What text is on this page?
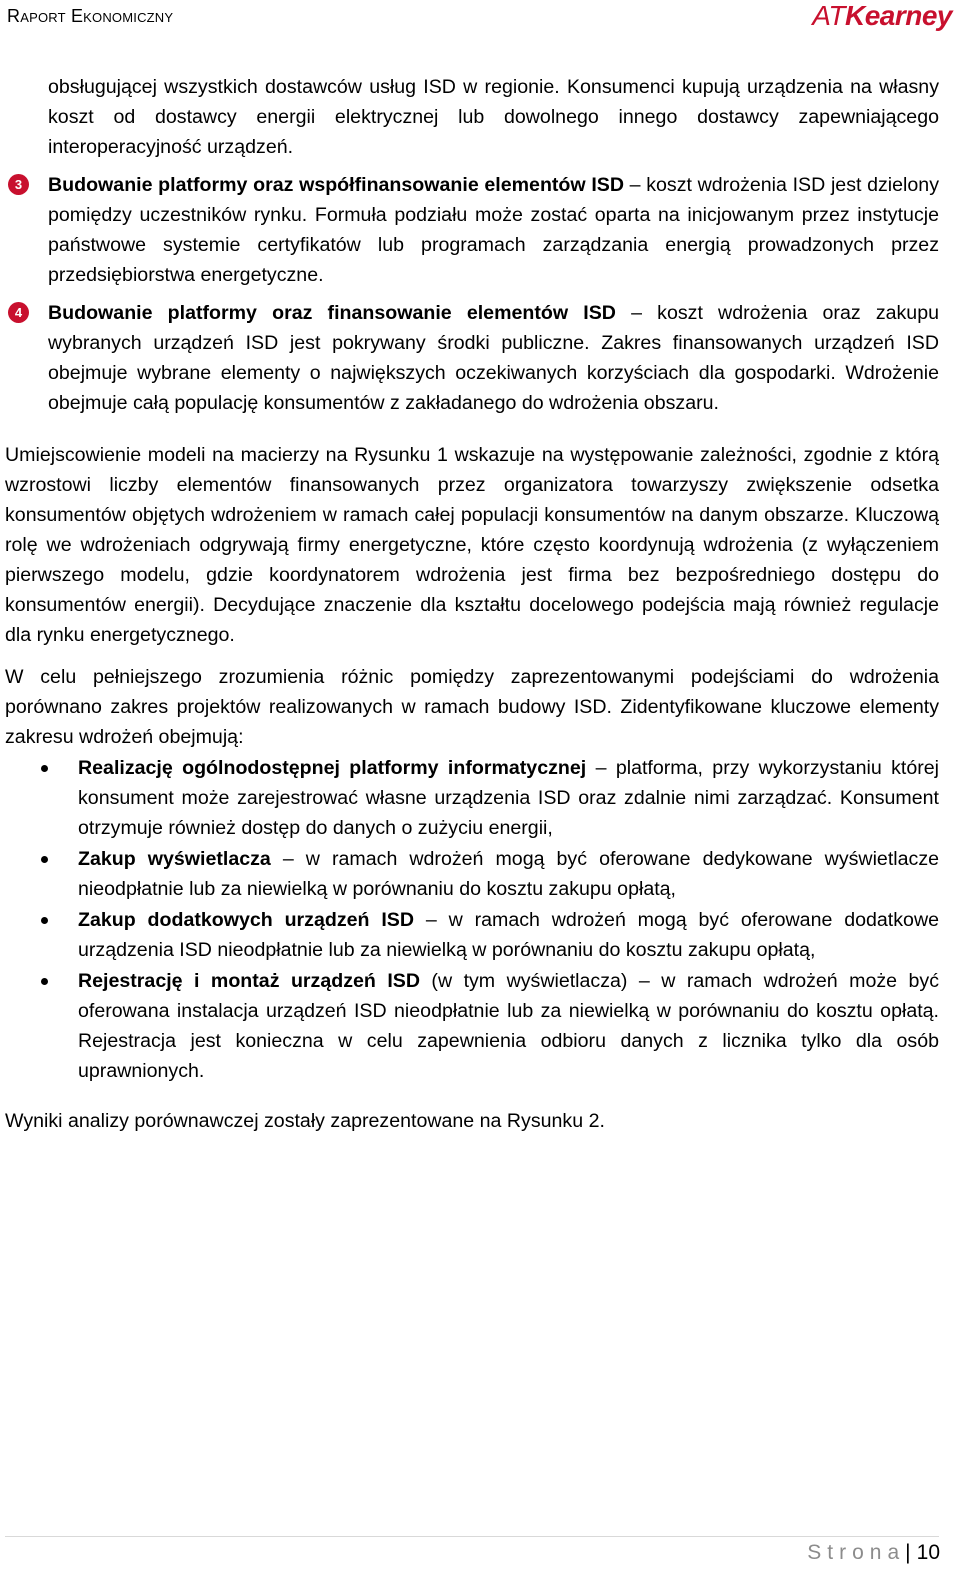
Raport Ekonomiczny	ATKearney
obsługującej wszystkich dostawców usług ISD w regionie. Konsumenci kupują urządzenia na własny koszt od dostawcy energii elektrycznej lub dowolnego innego dostawcy zapewniającego interoperacyjność urządzeń.
3	Budowanie platformy oraz współfinansowanie elementów ISD – koszt wdrożenia ISD jest dzielony pomiędzy uczestników rynku. Formuła podziału może zostać oparta na inicjowanym przez instytucje państwowe systemie certyfikatów lub programach zarządzania energią prowadzonych przez przedsiębiorstwa energetyczne.
4	Budowanie platformy oraz finansowanie elementów ISD – koszt wdrożenia oraz zakupu wybranych urządzeń ISD jest pokrywany środki publiczne. Zakres finansowanych urządzeń ISD obejmuje wybrane elementy o największych oczekiwanych korzyściach dla gospodarki. Wdrożenie obejmuje całą populację konsumentów z zakładanego do wdrożenia obszaru.
Umiejscowienie modeli na macierzy na Rysunku 1 wskazuje na występowanie zależności, zgodnie z którą wzrostowi liczby elementów finansowanych przez organizatora towarzyszy zwiększenie odsetka konsumentów objętych wdrożeniem w ramach całej populacji konsumentów na danym obszarze. Kluczową rolę we wdrożeniach odgrywają firmy energetyczne, które często koordynują wdrożenia (z wyłączeniem pierwszego modelu, gdzie koordynatorem wdrożenia jest firma bez bezpośredniego dostępu do konsumentów energii). Decydujące znaczenie dla kształtu docelowego podejścia mają również regulacje dla rynku energetycznego.
W celu pełniejszego zrozumienia różnic pomiędzy zaprezentowanymi podejściami do wdrożenia porównano zakres projektów realizowanych w ramach budowy ISD. Zidentyfikowane kluczowe elementy zakresu wdrożeń obejmują:
Realizację ogólnodostępnej platformy informatycznej – platforma, przy wykorzystaniu której konsument może zarejestrować własne urządzenia ISD oraz zdalnie nimi zarządzać. Konsument otrzymuje również dostęp do danych o zużyciu energii,
Zakup wyświetlacza – w ramach wdrożeń mogą być oferowane dedykowane wyświetlacze nieodpłatnie lub za niewielką w porównaniu do kosztu zakupu opłatą,
Zakup dodatkowych urządzeń ISD – w ramach wdrożeń mogą być oferowane dodatkowe urządzenia ISD nieodpłatnie lub za niewielką w porównaniu do kosztu zakupu opłatą,
Rejestrację i montaż urządzeń ISD (w tym wyświetlacza) – w ramach wdrożeń może być oferowana instalacja urządzeń ISD nieodpłatnie lub za niewielką w porównaniu do kosztu opłatą. Rejestracja jest konieczna w celu zapewnienia odbioru danych z licznika tylko dla osób uprawnionych.
Wyniki analizy porównawczej zostały zaprezentowane na Rysunku 2.
Strona| 10
